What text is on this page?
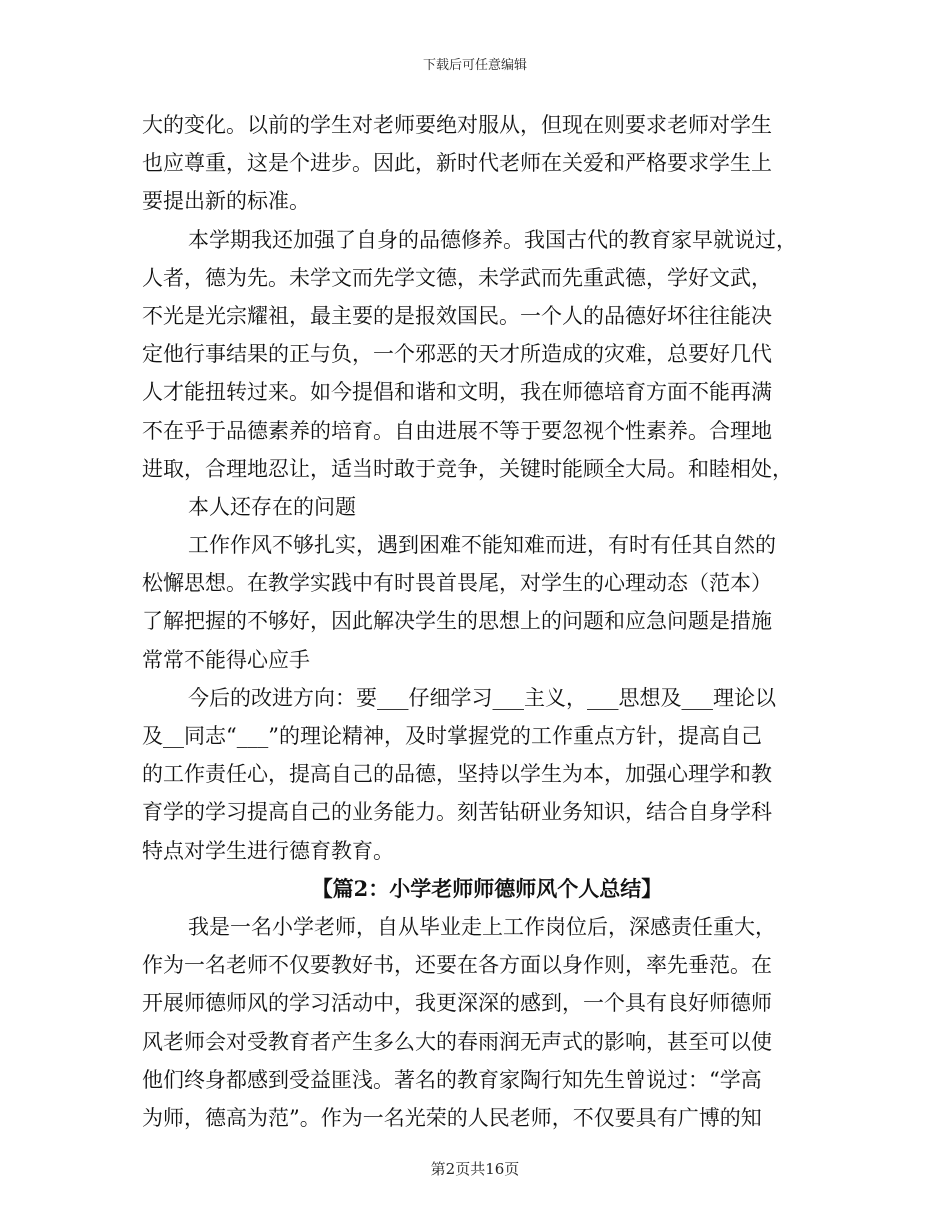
下载后可任意编辑
大的变化。以前的学生对老师要绝对服从，但现在则要求老师对学生
也应尊重，这是个进步。因此，新时代老师在关爱和严格要求学生上
要提出新的标准。
本学期我还加强了自身的品德修养。我国古代的教育家早就说过，
人者，德为先。未学文而先学文德，未学武而先重武德，学好文武，
不光是光宗耀祖，最主要的是报效国民。一个人的品德好坏往往能决
定他行事结果的正与负，一个邪恶的天才所造成的灾难，总要好几代
人才能扭转过来。如今提倡和谐和文明，我在师德培育方面不能再满
不在乎于品德素养的培育。自由进展不等于要忽视个性素养。合理地
进取，合理地忍让，适当时敢于竞争，关键时能顾全大局。和睦相处，
本人还存在的问题
工作作风不够扎实，遇到困难不能知难而进，有时有任其自然的
松懈思想。在教学实践中有时畏首畏尾，对学生的心理动态（范本）
了解把握的不够好，因此解决学生的思想上的问题和应急问题是措施
常常不能得心应手
今后的改进方向：要___仔细学习___主义，___思想及___理论以
及__同志“___”的理论精神，及时掌握党的工作重点方针，提高自己
的工作责任心，提高自己的品德，坚持以学生为本，加强心理学和教
育学的学习提高自己的业务能力。刻苦钻研业务知识，结合自身学科
特点对学生进行德育教育。
【篇2：小学老师师德师风个人总结】
我是一名小学老师，自从毕业走上工作岗位后，深感责任重大，
作为一名老师不仅要教好书，还要在各方面以身作则，率先垂范。在
开展师德师风的学习活动中，我更深深的感到，一个具有良好师德师
风老师会对受教育者产生多么大的春雨润无声式的影响，甚至可以使
他们终身都感到受益匪浅。著名的教育家陶行知先生曾说过：“学高
为师，德高为范”。作为一名光荣的人民老师，不仅要具有广博的知
第2页共16页
